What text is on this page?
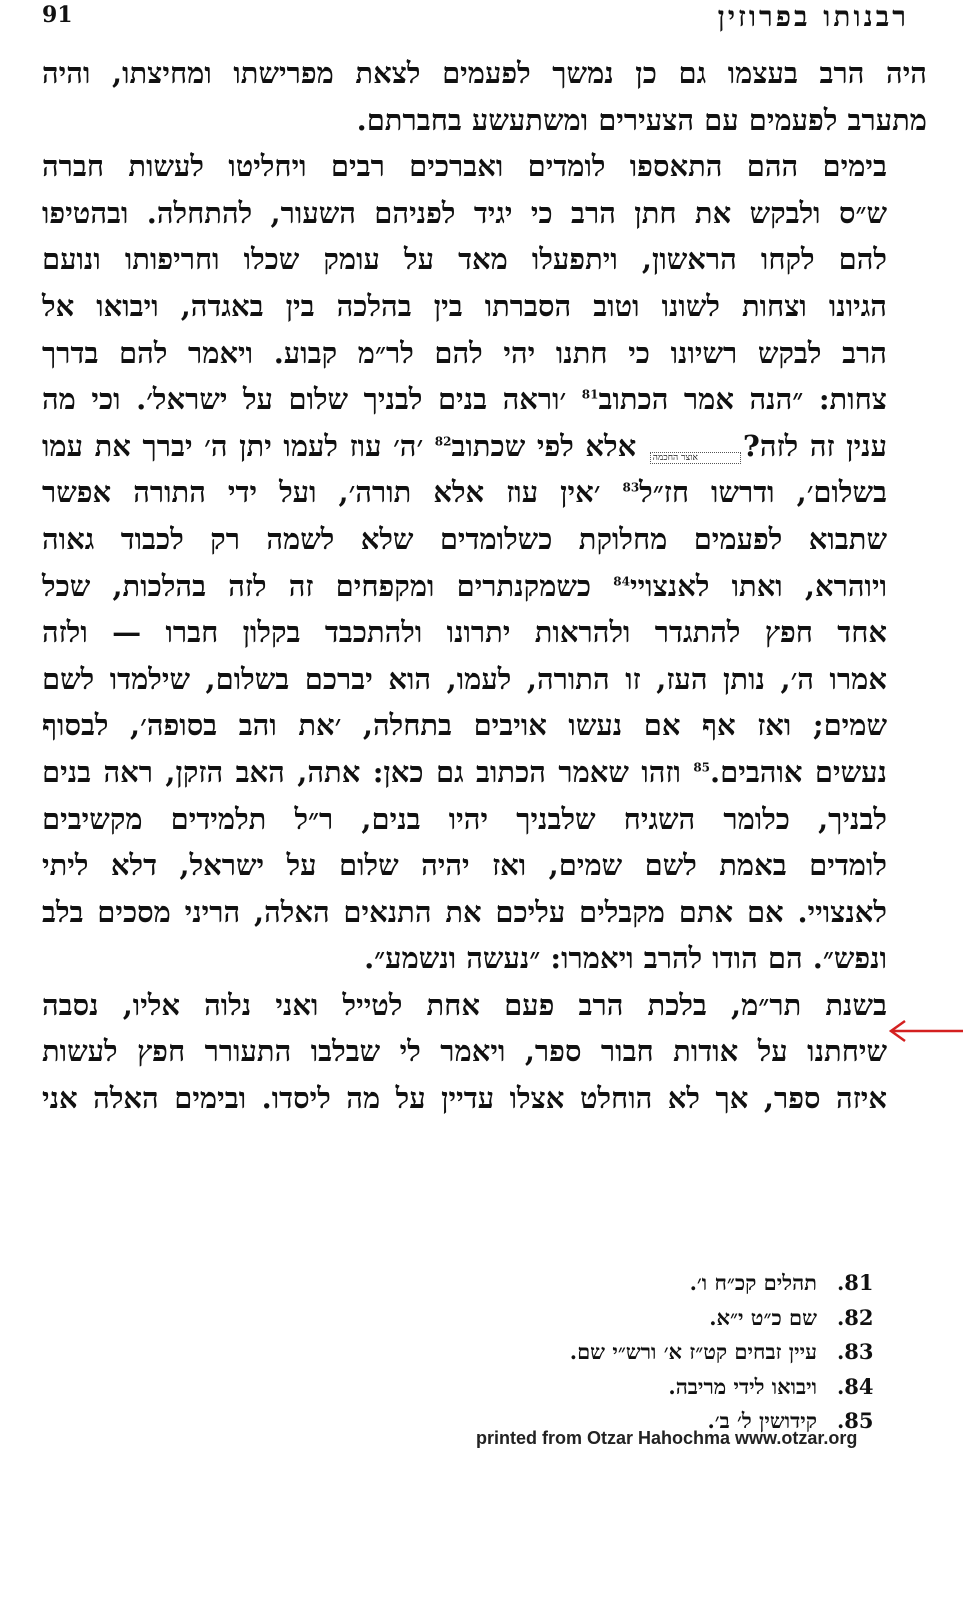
91	רבנותו בפרוזין

היה הרב בעצמו גם כן נמשך לפעמים לצאת מפרישתו ומחיצתו, והיה
מתערב לפעמים עם הצעירים ומשתעשע בחברתם.

בימים ההם התאספו לומדים ואברכים רבים ויחליטו לעשות חברה
ש״ס ולבקש את חתן הרב כי יגיד לפניהם השעור, להתחלה. ובהטיפו
להם לקחו הראשון, ויתפעלו מאד על עומק שכלו וחריפותו ונועם
הגיונו וצחות לשונו וטוב הסברתו בין בהלכה בין באגדה, ויבואו אל
הרב לבקש רשיונו כי חתנו יהי להם לר״מ קבוע. ויאמר להם בדרך
צחות: ״הנה אמר הכתוב$^{81}$ ׳וראה בנים לבניך שלום על ישראל׳. וכי מה
ענין זה לזה?אוצר החכמה אלא לפי שכתוב$^{82}$ ׳ה׳ עוז לעמו יתן ה׳ יברך את עמו
בשלום׳, ודרשו חז״ל$^{83}$ ׳אין עוז אלא תורה׳, ועל ידי התורה אפשר
שתבוא לפעמים מחלוקת כשלומדים שלא לשמה רק לכבוד גאוה
ויוהרא, ואתו לאנצויי$^{84}$ כשמקנתרים ומקפחים זה לזה בהלכות, שכל
אחד חפץ להתגדר ולהראות יתרונו ולהתכבד בקלון חברו — ולזה
אמרו ה׳, נותן העז, זו התורה, לעמו, הוא יברכם בשלום, שילמדו לשם
שמים; ואז אף אם נעשו אויבים בתחלה, ׳את והב בסופה׳, לבסוף
נעשים אוהבים.$^{85}$ וזהו שאמר הכתוב גם כאן: אתה, האב הזקן, ראה בנים
לבניך, כלומר השגיח שלבניך יהיו בנים, ר״ל תלמידים מקשיבים
לומדים באמת לשם שמים, ואז יהיה שלום על ישראל, דלא ליתי
לאנצויי. אם אתם מקבלים עליכם את התנאים האלה, הריני מסכים בלב
ונפש״. הם הודו להרב ויאמרו: ״נעשה ונשמע״.

בשנת תר״מ, בלכת הרב פעם אחת לטייל ואני נלוה אליו, נסבה
שיחתנו על אודות חבור ספר, ויאמר לי שבלבו התעורר חפץ לעשות
איזה ספר, אך לא הוחלט אצלו עדיין על מה ליסדו. ובימים האלה אני

.81
תהלים קכ״ח ו׳.
.82
שם כ״ט י״א.
.83
עיין זבחים קט״ז א׳ ורש״י שם.
.84
ויבואו לידי מריבה.
.85
קידושין ל׳ ב׳.
printed from Otzar Hahochma www.otzar.org
